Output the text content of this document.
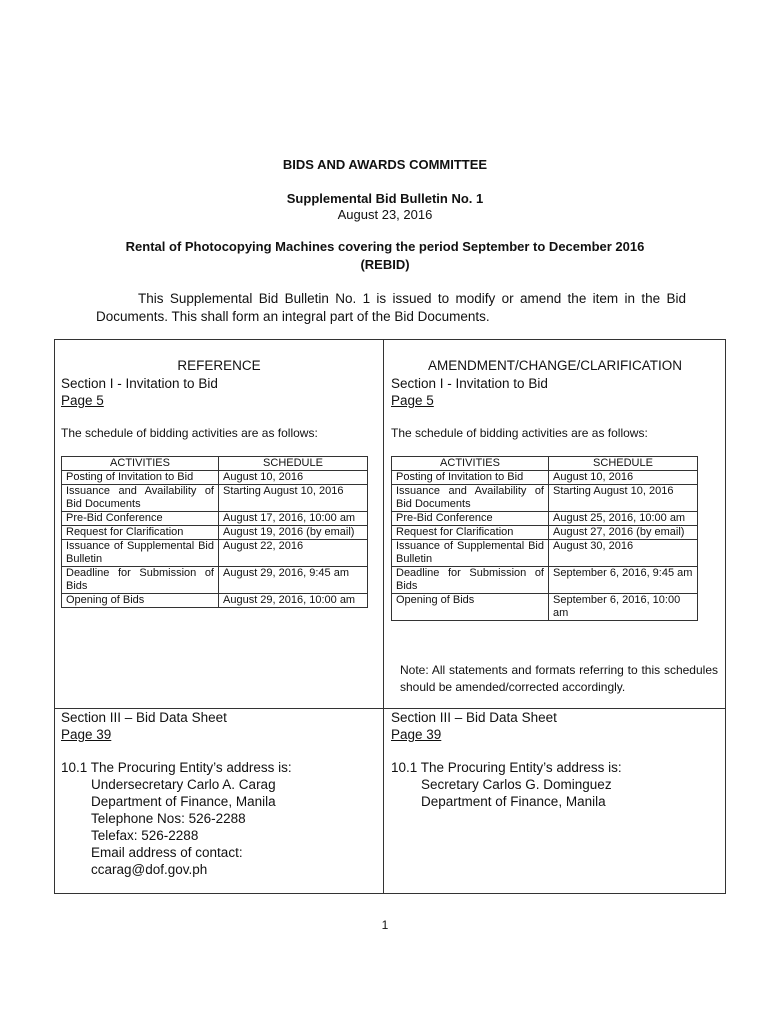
BIDS AND AWARDS COMMITTEE
Supplemental Bid Bulletin No. 1
August 23, 2016
Rental of Photocopying Machines covering the period September to December 2016
(REBID)
This Supplemental Bid Bulletin No. 1 is issued to modify or amend the item in the Bid Documents. This shall form an integral part of the Bid Documents.
REFERENCE	AMENDMENT/CHANGE/CLARIFICATION
Section I - Invitation to Bid
Page 5
The schedule of bidding activities are as follows:
ACTIVITIES	SCHEDULE
Posting of Invitation to Bid	August 10, 2016
Issuance and Availability of Bid Documents	Starting August 10, 2016
Pre-Bid Conference	August 17, 2016, 10:00 am
Request for Clarification	August 19, 2016 (by email)
Issuance of Supplemental Bid Bulletin	August 22, 2016
Deadline for Submission of Bids	August 29, 2016, 9:45 am
Opening of Bids	August 29, 2016, 10:00 am
Section I - Invitation to Bid
Page 5
The schedule of bidding activities are as follows:
ACTIVITIES	SCHEDULE
Posting of Invitation to Bid	August 10, 2016
Issuance and Availability of Bid Documents	Starting August 10, 2016
Pre-Bid Conference	August 25, 2016, 10:00 am
Request for Clarification	August 27, 2016 (by email)
Issuance of Supplemental Bid Bulletin	August 30, 2016
Deadline for Submission of Bids	September 6, 2016, 9:45 am
Opening of Bids	September 6, 2016, 10:00 am
Note: All statements and formats referring to this schedules should be amended/corrected accordingly.
Section III – Bid Data Sheet
Page 39
10.1 The Procuring Entity’s address is:
Undersecretary Carlo A. Carag
Department of Finance, Manila
Telephone Nos: 526-2288
Telefax: 526-2288
Email address of contact:
ccarag@dof.gov.ph
Section III – Bid Data Sheet
Page 39
10.1 The Procuring Entity’s address is:
Secretary Carlos G. Dominguez
Department of Finance, Manila
1
